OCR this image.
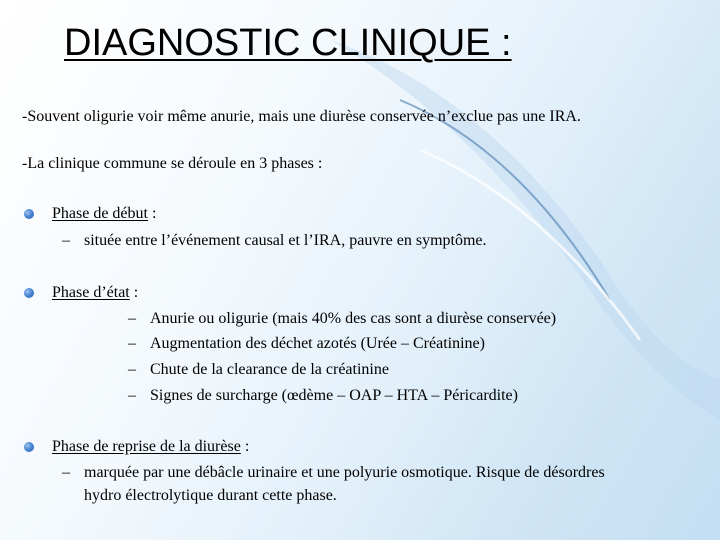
DIAGNOSTIC CLINIQUE :
-Souvent oligurie voir même anurie, mais une diurèse conservée n’exclue pas une IRA.
-La clinique commune se déroule en 3 phases :
Phase de début :
– située entre l’événement causal et l’IRA, pauvre en symptôme.
Phase d’état :
– Anurie ou oligurie (mais 40% des cas sont a diurèse conservée)
– Augmentation des déchet azotés (Urée – Créatinine)
– Chute de la clearance de la créatinine
– Signes de surcharge (œdème – OAP – HTA – Péricardite)
Phase de reprise de la diurèse :
– marquée par une débâcle urinaire et une polyurie osmotique. Risque de désordres
hydro électrolytique durant cette phase.
